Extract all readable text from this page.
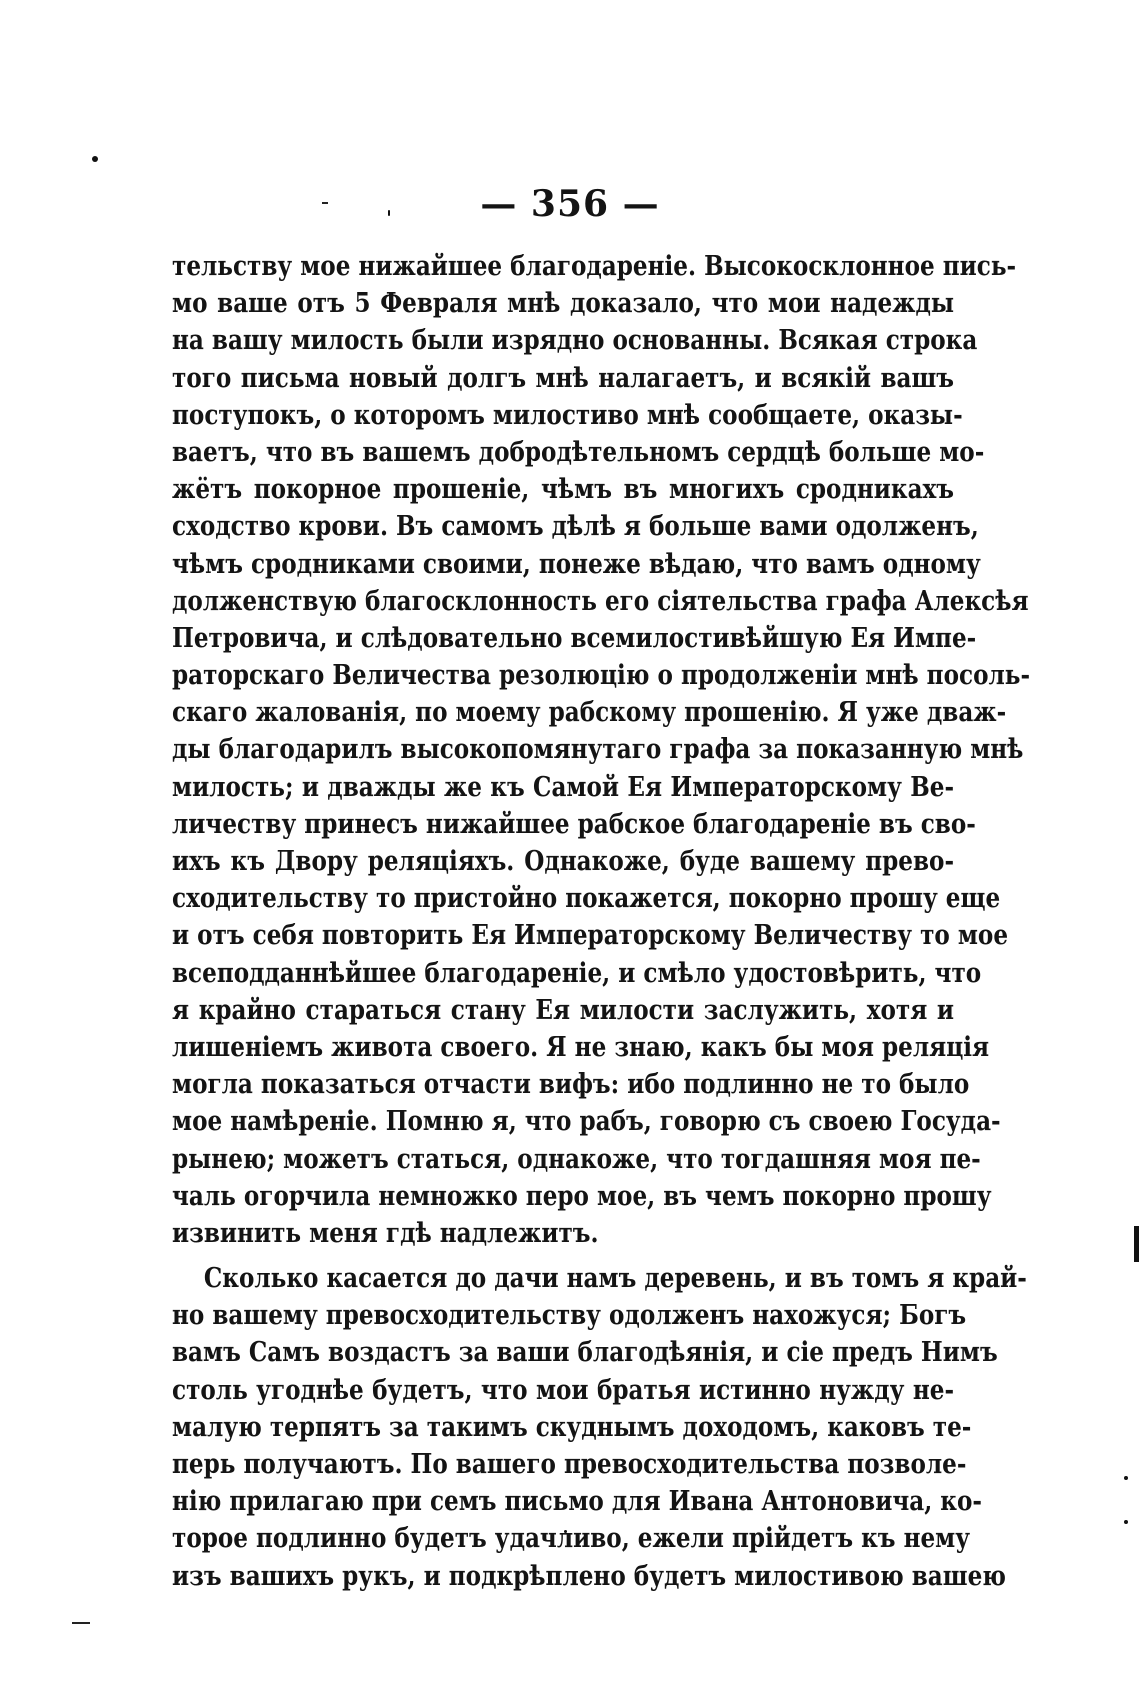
— 356 —
тельству мое нижайшее благодареніе. Высокосклонное пись-
мо ваше отъ 5 Февраля мнѣ доказало, что мои надежды
на вашу милость были изрядно основанны. Всякая строка
того письма новый долгъ мнѣ налагаетъ, и всякій вашъ
поступокъ, о которомъ милостиво мнѣ сообщаете, оказы-
ваетъ, что въ вашемъ добродѣтельномъ сердцѣ больше мо-
жётъ покорное прошеніе, чѣмъ въ многихъ сродникахъ
сходство крови. Въ самомъ дѣлѣ я больше вами одолженъ,
чѣмъ сродниками своими, понеже вѣдаю, что вамъ одному
долженствую благосклонность его сіятельства графа Алексѣя
Петровича, и слѣдовательно всемилостивѣйшую Ея Импе-
раторскаго Величества резолюцію о продолженіи мнѣ посоль-
скаго жалованія, по моему рабскому прошенію. Я уже дваж-
ды благодарилъ высокопомянутаго графа за показанную мнѣ
милость; и дважды же къ Самой Ея Императорскому Ве-
личеству принесъ нижайшее рабское благодареніе въ сво-
ихъ къ Двору реляціяхъ. Однакоже, буде вашему прево-
сходительству то пристойно покажется, покорно прошу еще
и отъ себя повторить Ея Императорскому Величеству то мое
всеподданнѣйшее благодареніе, и смѣло удостовѣрить, что
я крайно стараться стану Ея милости заслужить, хотя и
лишеніемъ живота своего. Я не знаю, какъ бы моя реляція
могла показаться отчасти вифъ: ибо подлинно не то было
мое намѣреніе. Помню я, что рабъ, говорю съ своею Госуда-
рынею; можетъ статься, однакоже, что тогдашняя моя пе-
чаль огорчила немножко перо мое, въ чемъ покорно прошу
извинить меня гдѣ надлежитъ.
Сколько касается до дачи намъ деревень, и въ томъ я край-
но вашему превосходительству одолженъ нахожуся; Богъ
вамъ Самъ воздастъ за ваши благодѣянія, и сіе предъ Нимъ
столь угоднѣе будетъ, что мои братья истинно нужду не-
малую терпятъ за такимъ скуднымъ доходомъ, каковъ те-
перь получаютъ. По вашего превосходительства позволе-
нію прилагаю при семъ письмо для Ивана Антоновича, ко-
торое подлинно будетъ удачливо, ежели прійдетъ къ нему
изъ вашихъ рукъ, и подкрѣплено будетъ милостивою вашею
